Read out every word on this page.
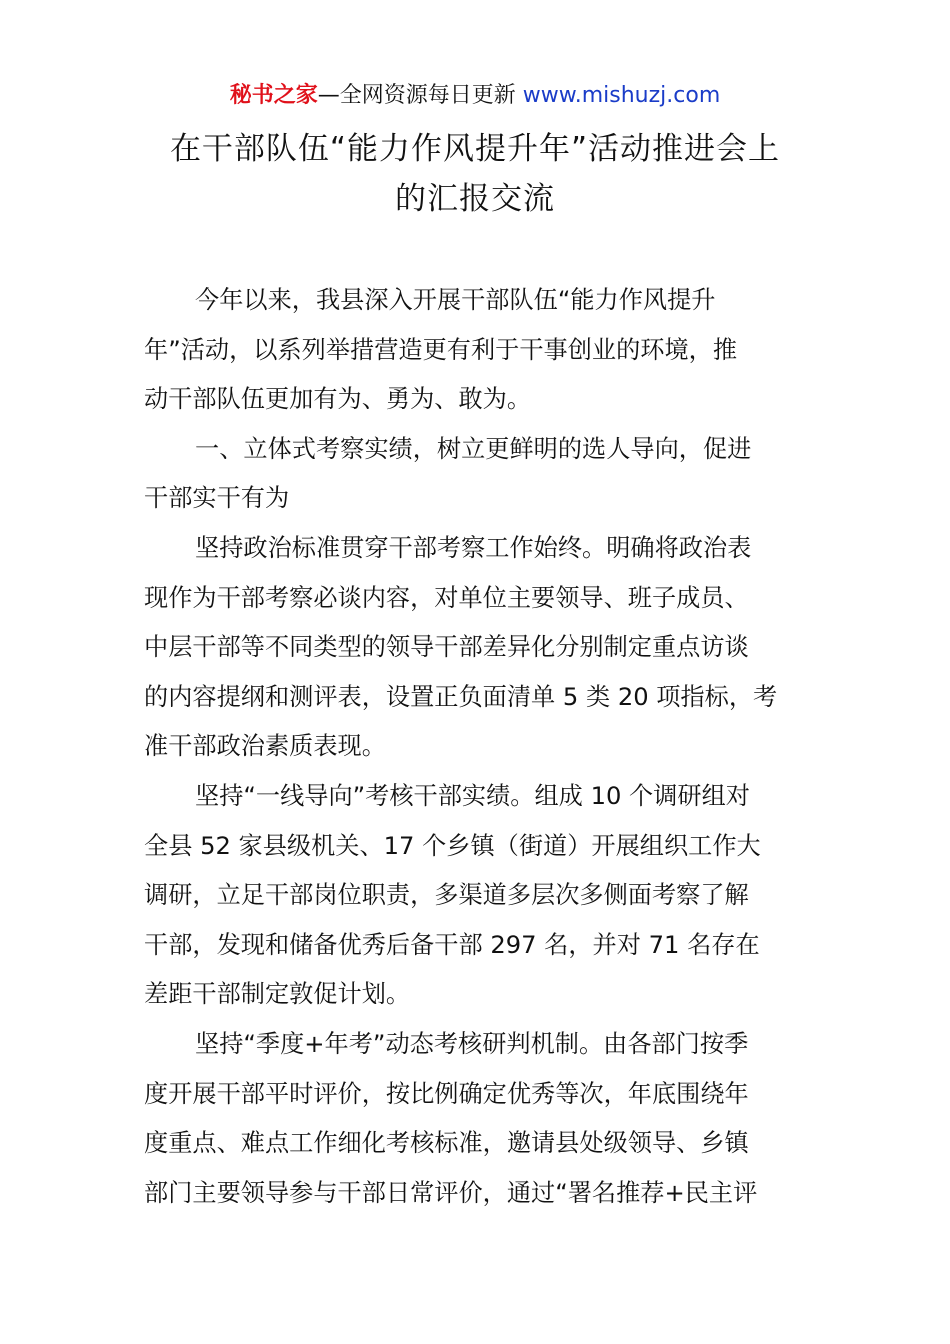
秘书之家—全网资源每日更新 www.mishuzj.com
在干部队伍“能力作风提升年”活动推进会上
的汇报交流

今年以来，我县深入开展干部队伍“能力作风提升
年”活动，以系列举措营造更有利于干事创业的环境，推
动干部队伍更加有为、勇为、敢为。

一、立体式考察实绩，树立更鲜明的选人导向，促进
干部实干有为

坚持政治标准贯穿干部考察工作始终。明确将政治表
现作为干部考察必谈内容，对单位主要领导、班子成员、
中层干部等不同类型的领导干部差异化分别制定重点访谈
的内容提纲和测评表，设置正负面清单 5 类 20 项指标，考
准干部政治素质表现。

坚持“一线导向”考核干部实绩。组成 10 个调研组对
全县 52 家县级机关、17 个乡镇（街道）开展组织工作大
调研，立足干部岗位职责，多渠道多层次多侧面考察了解
干部，发现和储备优秀后备干部 297 名，并对 71 名存在
差距干部制定敦促计划。

坚持“季度+年考”动态考核研判机制。由各部门按季
度开展干部平时评价，按比例确定优秀等次，年底围绕年
度重点、难点工作细化考核标准，邀请县处级领导、乡镇
部门主要领导参与干部日常评价，通过“署名推荐+民主评
